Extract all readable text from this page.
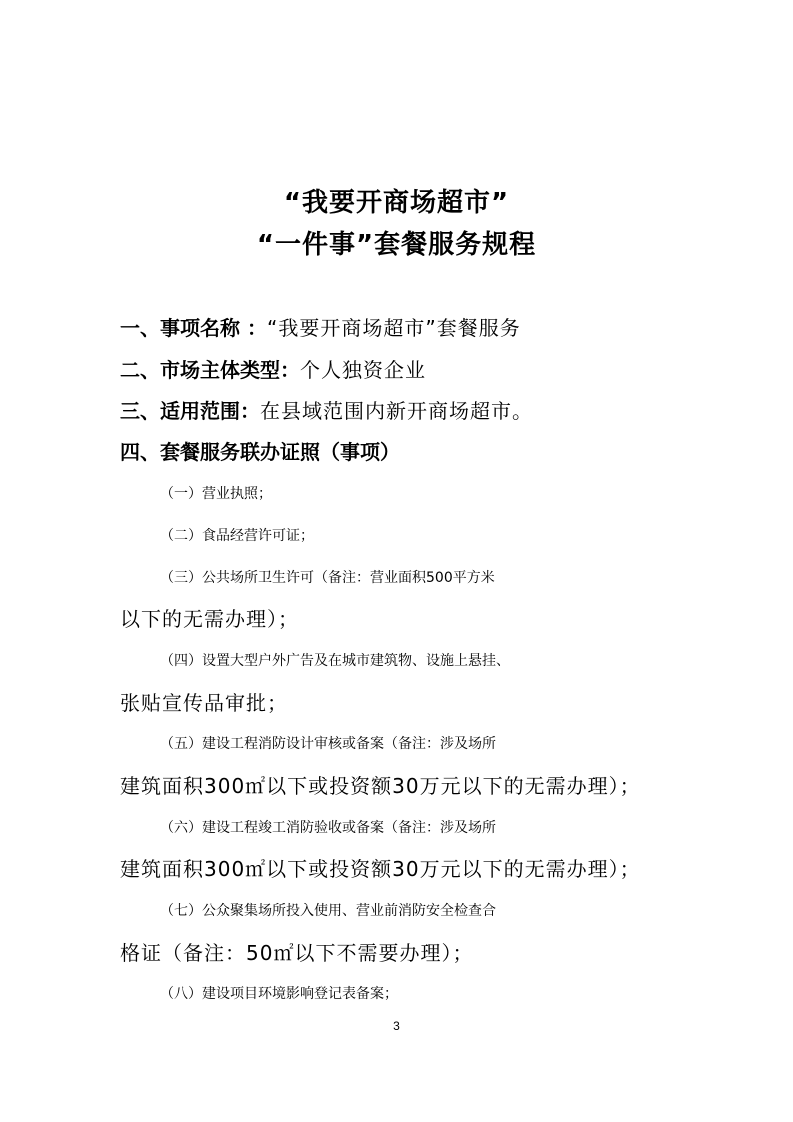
“我要开商场超市”
“一件事”套餐服务规程
一、事项名称 ：“我要开商场超市”套餐服务
二、市场主体类型：个人独资企业
三、适用范围：在县域范围内新开商场超市。
四、套餐服务联办证照（事项）
（一）营业执照；
（二）食品经营许可证；
（三）公共场所卫生许可（备注：营业面积500平方米
以下的无需办理）；
（四）设置大型户外广告及在城市建筑物、设施上悬挂、
张贴宣传品审批；
（五）建设工程消防设计审核或备案（备注：涉及场所
建筑面积300㎡以下或投资额30万元以下的无需办理）；
（六）建设工程竣工消防验收或备案（备注：涉及场所
建筑面积300㎡以下或投资额30万元以下的无需办理）；
（七）公众聚集场所投入使用、营业前消防安全检查合
格证（备注：50㎡以下不需要办理）；
（八）建设项目环境影响登记表备案；
3
